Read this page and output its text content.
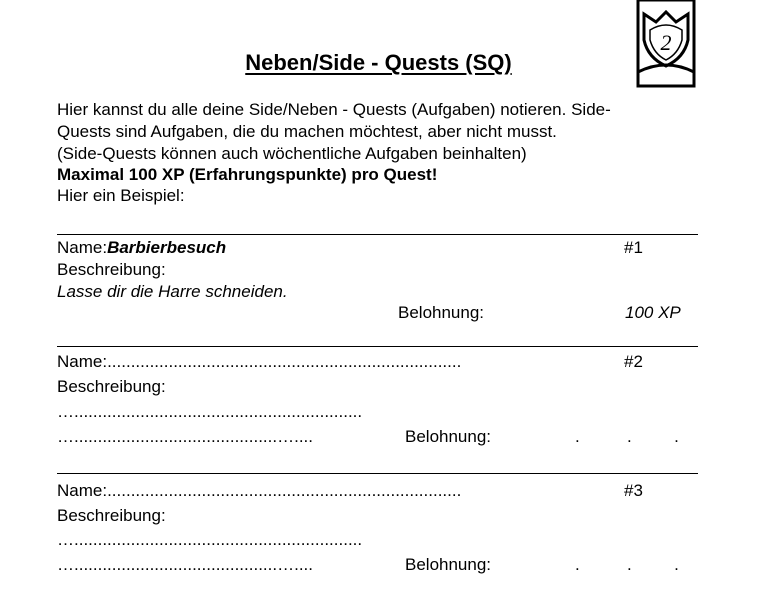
2
Neben/Side - Quests (SQ)
Hier kannst du alle deine Side/Neben - Quests (Aufgaben) notieren. Side-
Quests sind Aufgaben, die du machen möchtest, aber nicht musst.
(Side-Quests können auch wöchentliche Aufgaben beinhalten)
Maximal 100 XP (Erfahrungspunkte) pro Quest!
Hier ein Beispiel:
Name:Barbierbesuch	#1
Beschreibung:
Lasse dir die Harre schneiden.
Belohnung:	100 XP
Name:...........................................................................	#2
Beschreibung:
….............................................................
…...........................................…....	Belohnung:	.          .         .
Name:...........................................................................	#3
Beschreibung:
….............................................................
…...........................................…....	Belohnung:	.          .         .
